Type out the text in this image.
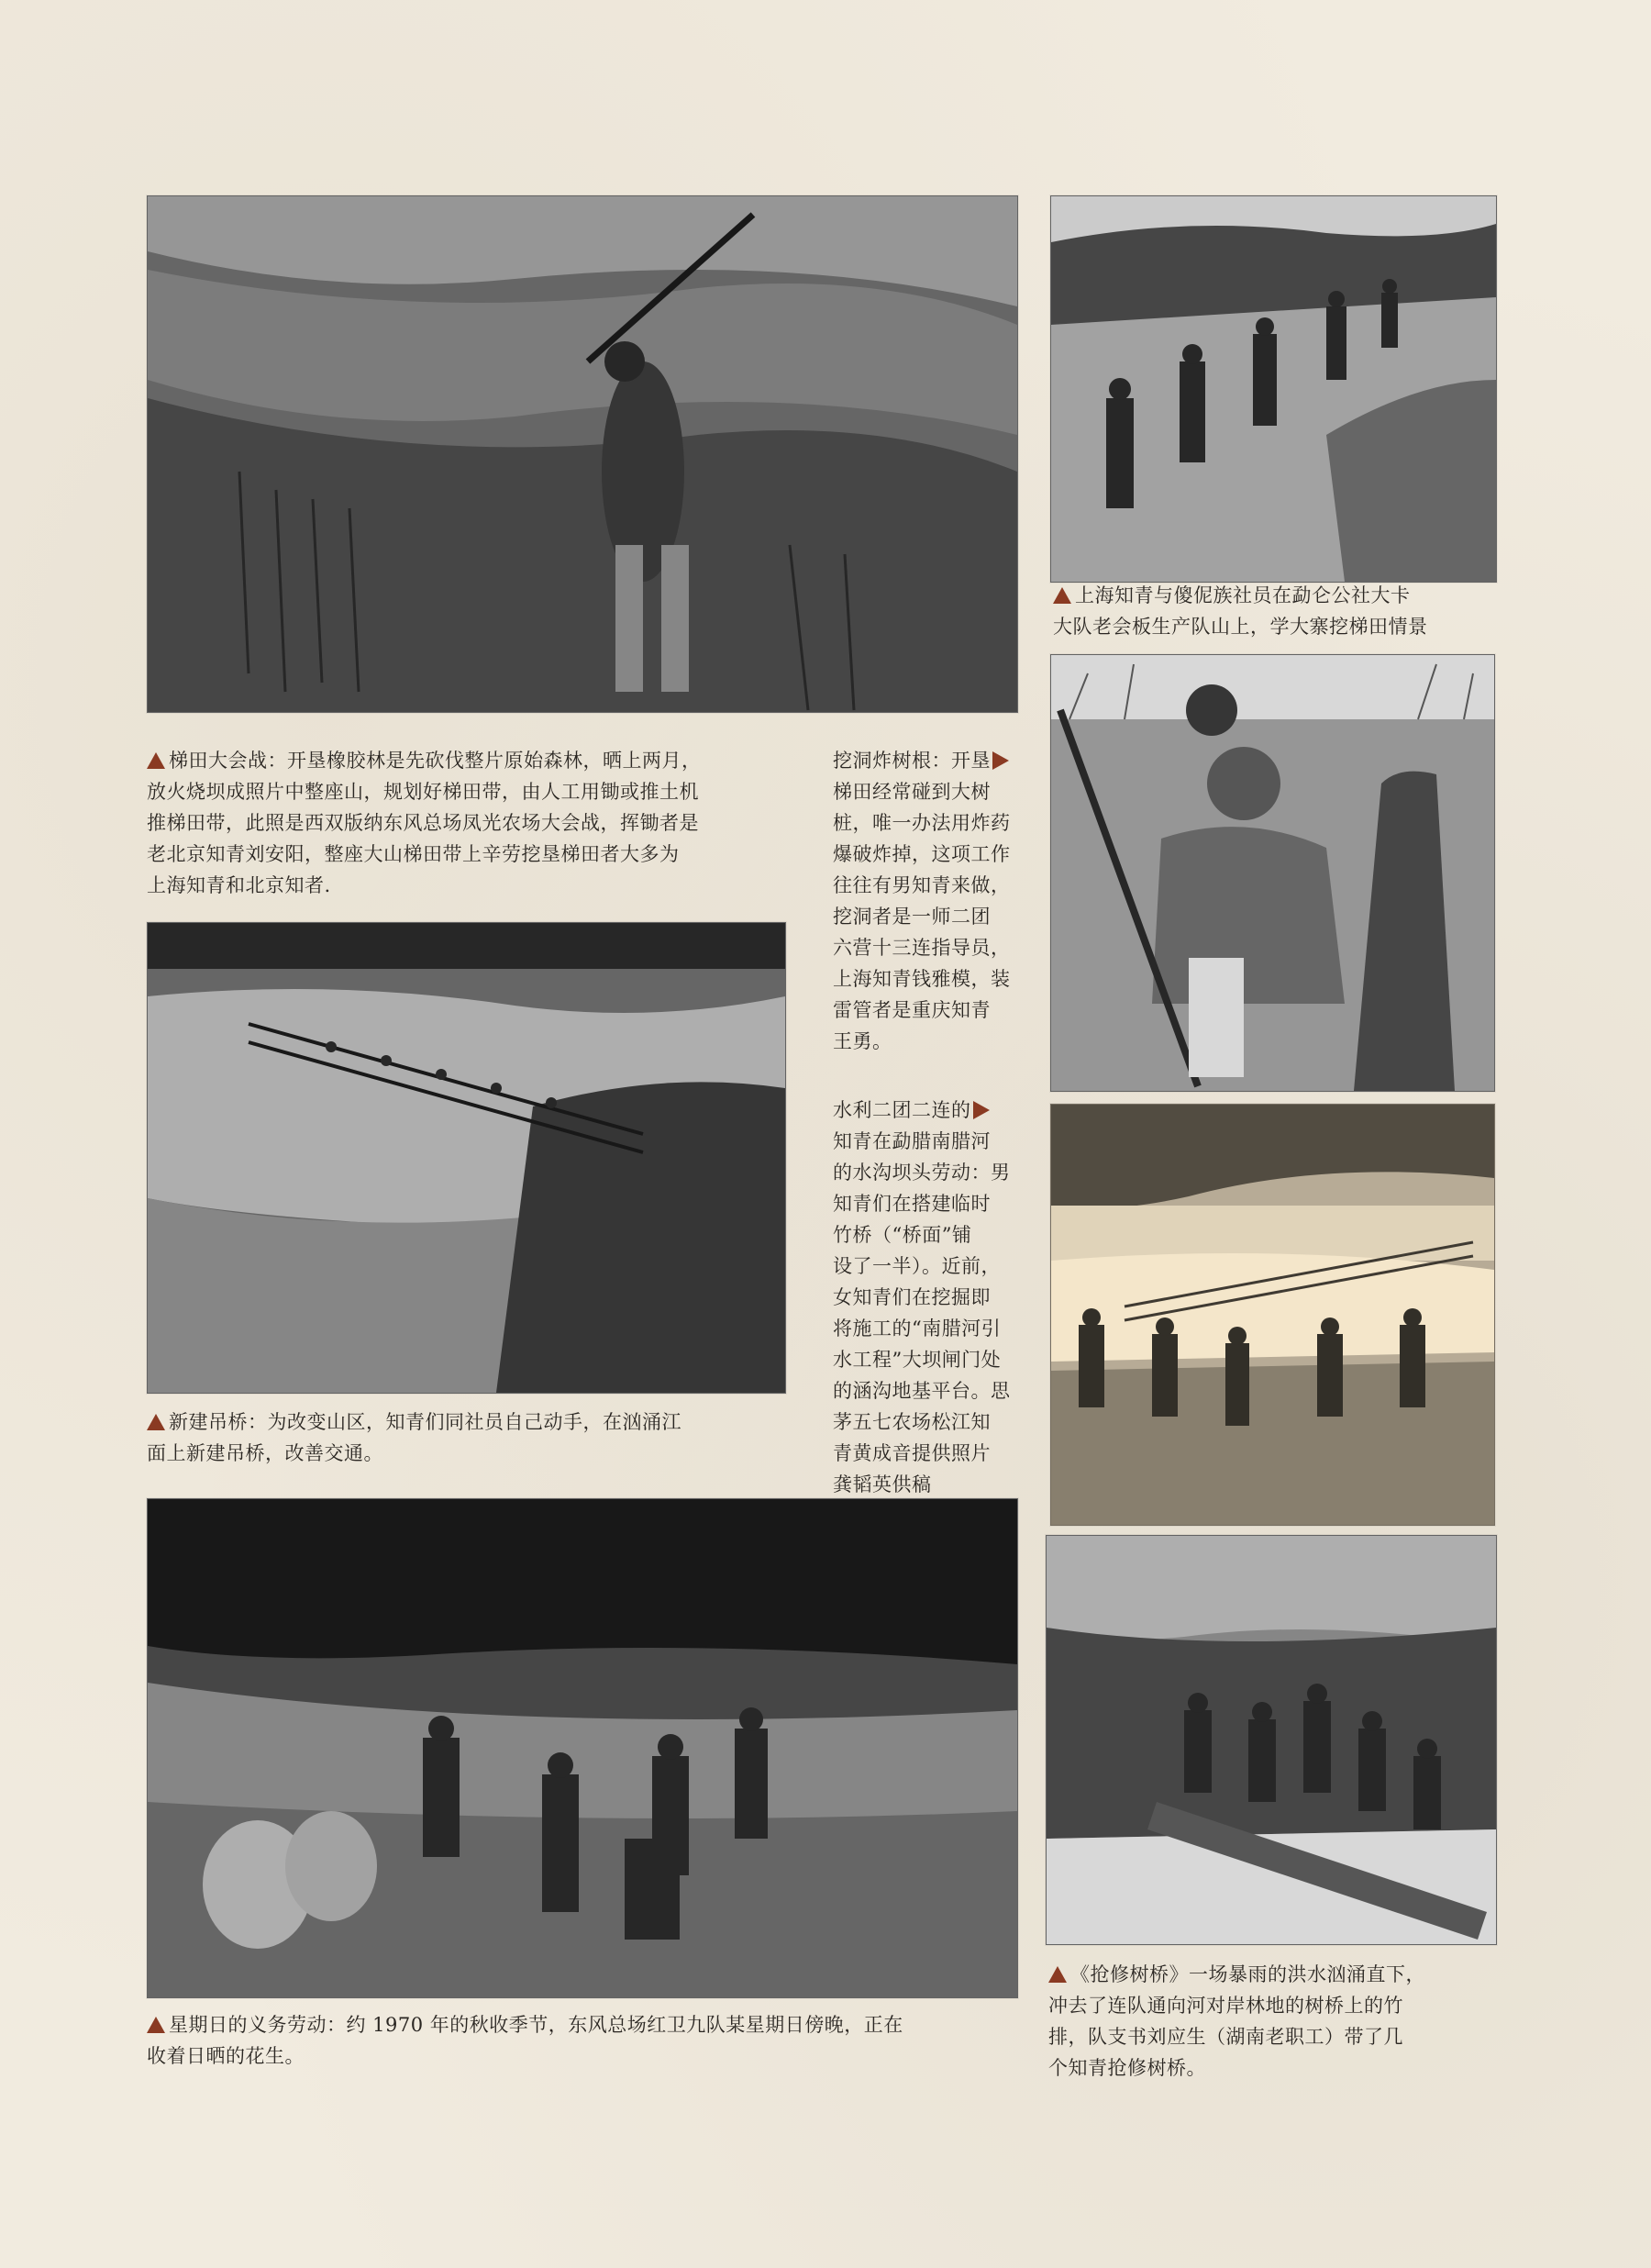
上海知青与傻伲族社员在勐仑公社大卡
大队老会板生产队山上，学大寨挖梯田情景
梯田大会战：开垦橡胶林是先砍伐整片原始森林，晒上两月，
放火烧坝成照片中整座山，规划好梯田带，由人工用锄或推土机
推梯田带，此照是西双版纳东风总场凤光农场大会战，挥锄者是
老北京知青刘安阳，整座大山梯田带上辛劳挖垦梯田者大多为
上海知青和北京知者.
挖洞炸树根：开垦
梯田经常碰到大树
桩，唯一办法用炸药
爆破炸掉，这项工作
往往有男知青来做，
挖洞者是一师二团
六营十三连指导员，
上海知青钱雅模，装
雷管者是重庆知青
王勇。
水利二团二连的
知青在勐腊南腊河
的水沟坝头劳动：男
知青们在搭建临时
竹桥（“桥面”铺
设了一半）。近前，
女知青们在挖掘即
将施工的“南腊河引
水工程”大坝闸门处
的涵沟地基平台。思
茅五七农场松江知
青黄成音提供照片
龚韬英供稿
新建吊桥：为改变山区，知青们同社员自己动手，在汹涌江
面上新建吊桥，改善交通。
星期日的义务劳动：约 1970 年的秋收季节，东风总场红卫九队某星期日傍晚，正在
收着日晒的花生。
《抢修树桥》一场暴雨的洪水汹涌直下，
冲去了连队通向河对岸林地的树桥上的竹
排，队支书刘应生（湖南老职工）带了几
个知青抢修树桥。
